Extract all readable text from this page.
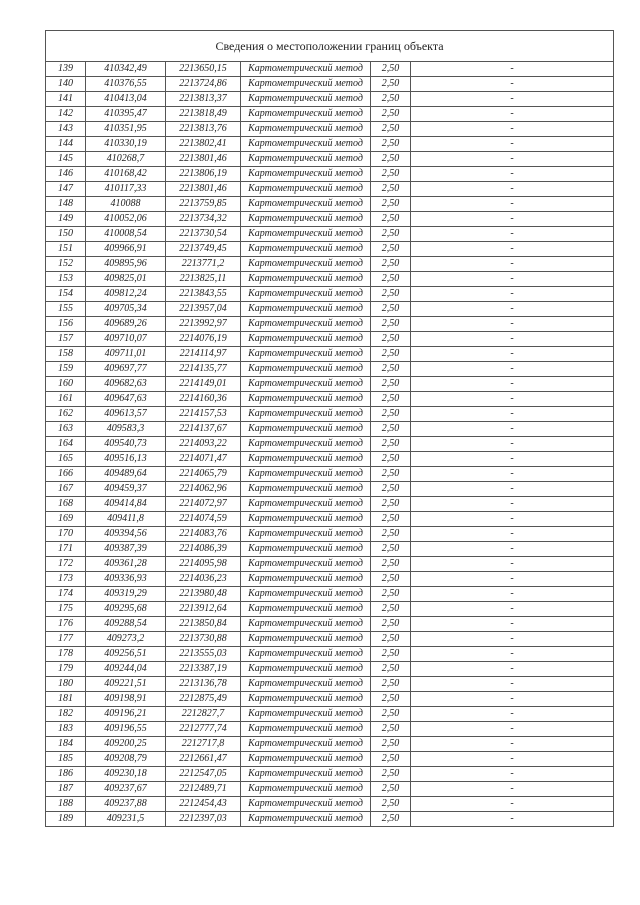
Сведения о местоположении границ объекта					
139	410342,49	2213650,15	Картометрический метод	2,50	-
140	410376,55	2213724,86	Картометрический метод	2,50	-
141	410413,04	2213813,37	Картометрический метод	2,50	-
142	410395,47	2213818,49	Картометрический метод	2,50	-
143	410351,95	2213813,76	Картометрический метод	2,50	-
144	410330,19	2213802,41	Картометрический метод	2,50	-
145	410268,7	2213801,46	Картометрический метод	2,50	-
146	410168,42	2213806,19	Картометрический метод	2,50	-
147	410117,33	2213801,46	Картометрический метод	2,50	-
148	410088	2213759,85	Картометрический метод	2,50	-
149	410052,06	2213734,32	Картометрический метод	2,50	-
150	410008,54	2213730,54	Картометрический метод	2,50	-
151	409966,91	2213749,45	Картометрический метод	2,50	-
152	409895,96	2213771,2	Картометрический метод	2,50	-
153	409825,01	2213825,11	Картометрический метод	2,50	-
154	409812,24	2213843,55	Картометрический метод	2,50	-
155	409705,34	2213957,04	Картометрический метод	2,50	-
156	409689,26	2213992,97	Картометрический метод	2,50	-
157	409710,07	2214076,19	Картометрический метод	2,50	-
158	409711,01	2214114,97	Картометрический метод	2,50	-
159	409697,77	2214135,77	Картометрический метод	2,50	-
160	409682,63	2214149,01	Картометрический метод	2,50	-
161	409647,63	2214160,36	Картометрический метод	2,50	-
162	409613,57	2214157,53	Картометрический метод	2,50	-
163	409583,3	2214137,67	Картометрический метод	2,50	-
164	409540,73	2214093,22	Картометрический метод	2,50	-
165	409516,13	2214071,47	Картометрический метод	2,50	-
166	409489,64	2214065,79	Картометрический метод	2,50	-
167	409459,37	2214062,96	Картометрический метод	2,50	-
168	409414,84	2214072,97	Картометрический метод	2,50	-
169	409411,8	2214074,59	Картометрический метод	2,50	-
170	409394,56	2214083,76	Картометрический метод	2,50	-
171	409387,39	2214086,39	Картометрический метод	2,50	-
172	409361,28	2214095,98	Картометрический метод	2,50	-
173	409336,93	2214036,23	Картометрический метод	2,50	-
174	409319,29	2213980,48	Картометрический метод	2,50	-
175	409295,68	2213912,64	Картометрический метод	2,50	-
176	409288,54	2213850,84	Картометрический метод	2,50	-
177	409273,2	2213730,88	Картометрический метод	2,50	-
178	409256,51	2213555,03	Картометрический метод	2,50	-
179	409244,04	2213387,19	Картометрический метод	2,50	-
180	409221,51	2213136,78	Картометрический метод	2,50	-
181	409198,91	2212875,49	Картометрический метод	2,50	-
182	409196,21	2212827,7	Картометрический метод	2,50	-
183	409196,55	2212777,74	Картометрический метод	2,50	-
184	409200,25	2212717,8	Картометрический метод	2,50	-
185	409208,79	2212661,47	Картометрический метод	2,50	-
186	409230,18	2212547,05	Картометрический метод	2,50	-
187	409237,67	2212489,71	Картометрический метод	2,50	-
188	409237,88	2212454,43	Картометрический метод	2,50	-
189	409231,5	2212397,03	Картометрический метод	2,50	-
